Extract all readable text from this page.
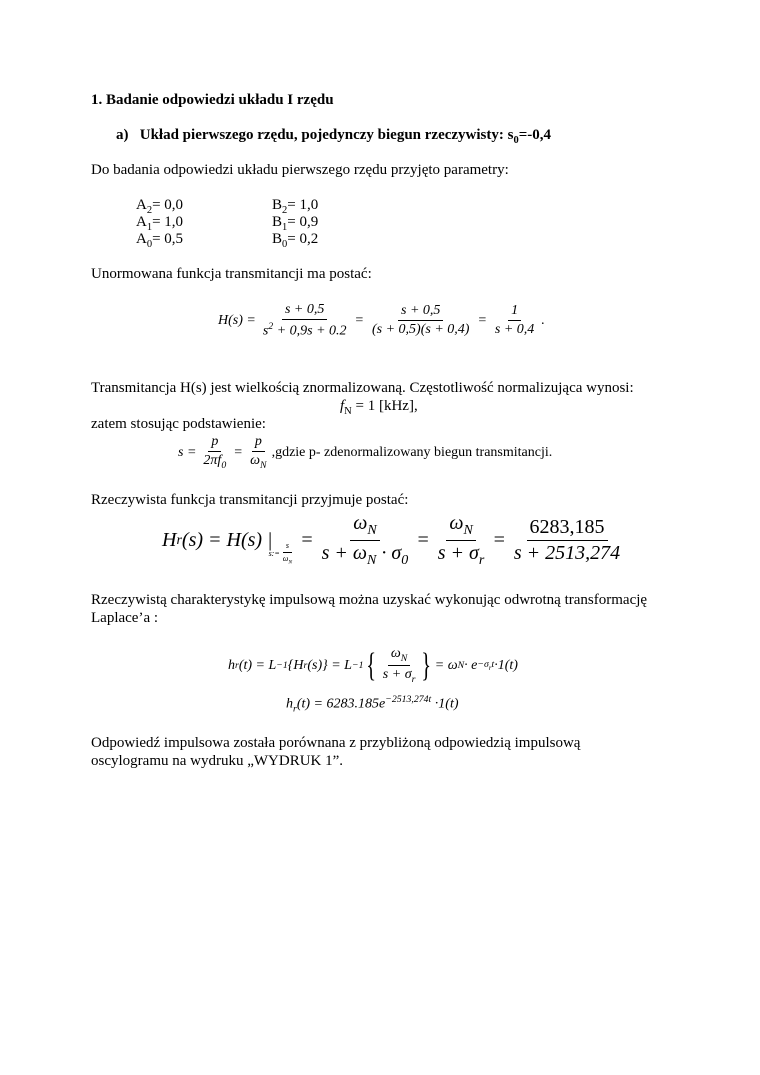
1. Badanie odpowiedzi układu I rzędu
a) Układ pierwszego rzędu, pojedynczy biegun rzeczywisty: $s_0=-0,4$
Do badania odpowiedzi układu pierwszego rzędu przyjęto parametry:
$A_2= 0,0$
$A_1= 1,0$
$A_0= 0,5$
$B_2= 1,0$
$B_1= 0,9$
$B_0= 0,2$
Unormowana funkcja transmitancji ma postać:
$H(s) = \frac{s + 0,5}{s^2 + 0,9s + 0.2} = \frac{s + 0,5}{(s + 0,5)(s + 0,4)} = \frac{1}{s + 0,4}$ .
Transmitancja H(s) jest wielkością znormalizowaną. Częstotliwość normalizująca wynosi:
$f_N = 1$ [kHz],
zatem stosując podstawienie:
$s = \frac{p}{2\pi f_0} = \frac{p}{\omega_N}$ ,gdzie p- zdenormalizowany biegun transmitancji.
Rzeczywista funkcja transmitancji przyjmuje postać:
H r (s) = H(s) |
s:= $\frac{s}{\omega_N}$
= $\frac{\omega_N}{s + \omega_N \cdot \sigma_0} = \frac{\omega_N}{s + \sigma_r} = \frac{6283,185}{s + 2513,274}$
Rzeczywistą charakterystykę impulsową można uzyskać wykonując odwrotną transformację
Laplace’a :
h r (t) = L −1 {H r (s)} = L −1 { $\frac{\omega_N}{s + \sigma_r}$ } = ω $N \cdot e -\sigma_rt \cdot 1(t)$
$h_r(t) = 6283.185e^{-2513,274t} \cdot 1(t)$
Odpowiedź impulsowa została porównana z przybliżoną odpowiedzią impulsową
oscylogramu na wydruku „WYDRUK 1”.
